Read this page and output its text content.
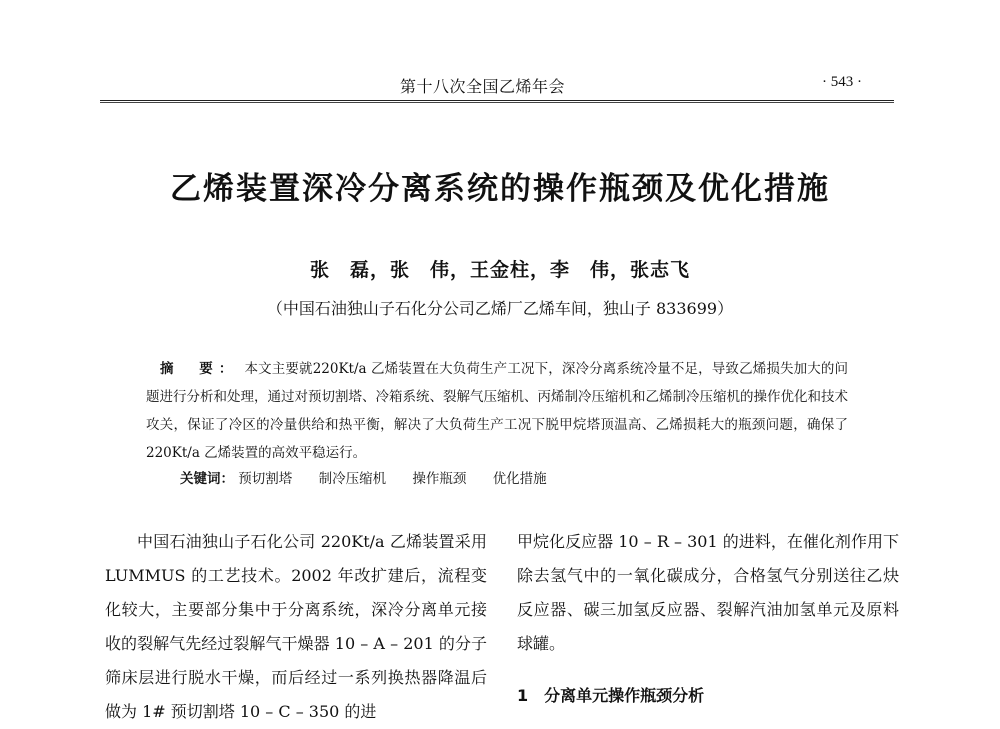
第十八次全国乙烯年会	· 543 ·
乙烯装置深冷分离系统的操作瓶颈及优化措施
张　磊，张　伟，王金柱，李　伟，张志飞
（中国石油独山子石化分公司乙烯厂乙烯车间，独山子 833699）
摘　要： 本文主要就220Kt/a 乙烯装置在大负荷生产工况下，深冷分离系统冷量不足，导致乙烯损失加大的问题进行分析和处理，通过对预切割塔、冷箱系统、裂解气压缩机、丙烯制冷压缩机和乙烯制冷压缩机的操作优化和技术攻关，保证了冷区的冷量供给和热平衡，解决了大负荷生产工况下脱甲烷塔顶温高、乙烯损耗大的瓶颈问题，确保了220Kt/a 乙烯装置的高效平稳运行。
关键词： 预切割塔 制冷压缩机 操作瓶颈 优化措施

中国石油独山子石化公司 220Kt/a 乙烯装置采用 LUMMUS 的工艺技术。2002 年改扩建后，流程变化较大，主要部分集中于分离系统，深冷分离单元接收的裂解气先经过裂解气干燥器 10 – A – 201 的分子筛床层进行脱水干燥，而后经过一系列换热器降温后做为 1# 预切割塔 10 – C – 350 的进

甲烷化反应器 10 – R – 301 的进料，在催化剂作用下除去氢气中的一氧化碳成分，合格氢气分别送往乙炔反应器、碳三加氢反应器、裂解汽油加氢单元及原料球罐。

1　分离单元操作瓶颈分析
